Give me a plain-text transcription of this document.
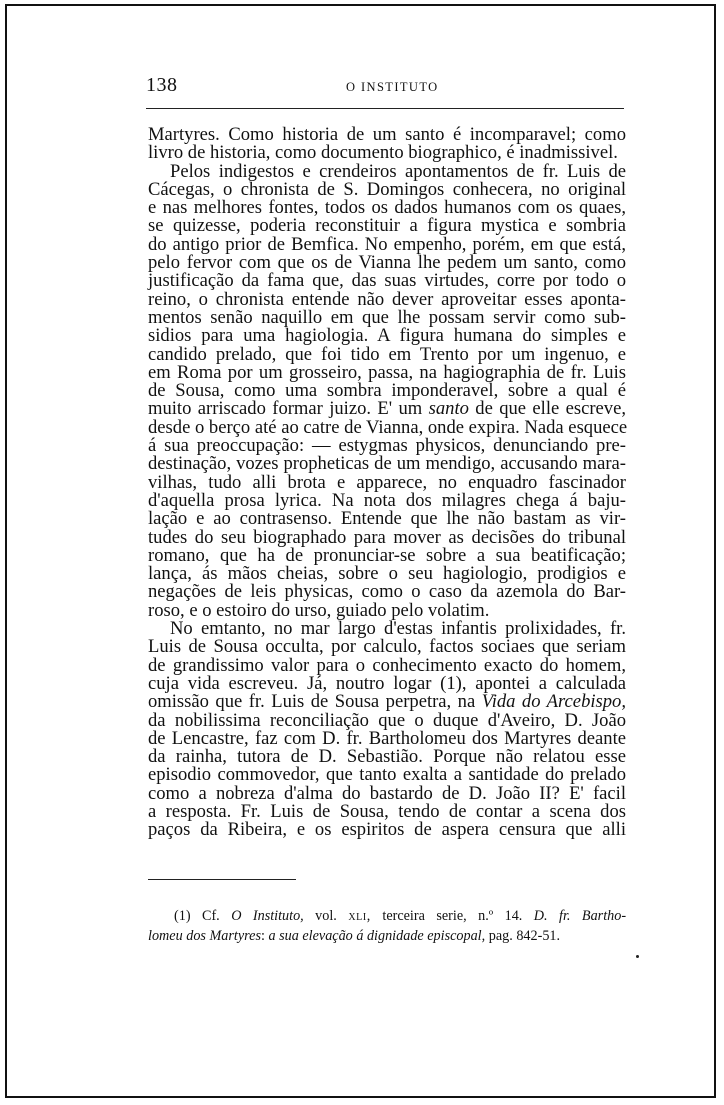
138	O INSTITUTO
Martyres. Como historia de um santo é incomparavel; como
livro de historia, como documento biographico, é inadmissivel.
Pelos indigestos e crendeiros apontamentos de fr. Luis de
Cácegas, o chronista de S. Domingos conhecera, no original
e nas melhores fontes, todos os dados humanos com os quaes,
se quizesse, poderia reconstituir a figura mystica e sombria
do antigo prior de Bemfica. No empenho, porém, em que está,
pelo fervor com que os de Vianna lhe pedem um santo, como
justificação da fama que, das suas virtudes, corre por todo o
reino, o chronista entende não dever aproveitar esses aponta-
mentos senão naquillo em que lhe possam servir como sub-
sidios para uma hagiologia. A figura humana do simples e
candido prelado, que foi tido em Trento por um ingenuo, e
em Roma por um grosseiro, passa, na hagiographia de fr. Luis
de Sousa, como uma sombra imponderavel, sobre a qual é
muito arriscado formar juizo. E' um santo de que elle escreve,
desde o berço até ao catre de Vianna, onde expira. Nada esquece
á sua preoccupação: — estygmas physicos, denunciando pre-
destinação, vozes propheticas de um mendigo, accusando mara-
vilhas, tudo alli brota e apparece, no enquadro fascinador
d'aquella prosa lyrica. Na nota dos milagres chega á baju-
lação e ao contrasenso. Entende que lhe não bastam as vir-
tudes do seu biographado para mover as decisões do tribunal
romano, que ha de pronunciar-se sobre a sua beatificação;
lança, ás mãos cheias, sobre o seu hagiologio, prodigios e
negações de leis physicas, como o caso da azemola do Bar-
roso, e o estoiro do urso, guiado pelo volatim.
No emtanto, no mar largo d'estas infantis prolixidades, fr.
Luis de Sousa occulta, por calculo, factos sociaes que seriam
de grandissimo valor para o conhecimento exacto do homem,
cuja vida escreveu. Já, noutro logar (1), apontei a calculada
omissão que fr. Luis de Sousa perpetra, na Vida do Arcebispo,
da nobilissima reconciliação que o duque d'Aveiro, D. João
de Lencastre, faz com D. fr. Bartholomeu dos Martyres deante
da rainha, tutora de D. Sebastião. Porque não relatou esse
episodio commovedor, que tanto exalta a santidade do prelado
como a nobreza d'alma do bastardo de D. João II? E' facil
a resposta. Fr. Luis de Sousa, tendo de contar a scena dos
paços da Ribeira, e os espiritos de aspera censura que alli
(1) Cf. O Instituto, vol. xli, terceira serie, n.º 14. D. fr. Bartho-
lomeu dos Martyres: a sua elevação á dignidade episcopal, pag. 842-51.
